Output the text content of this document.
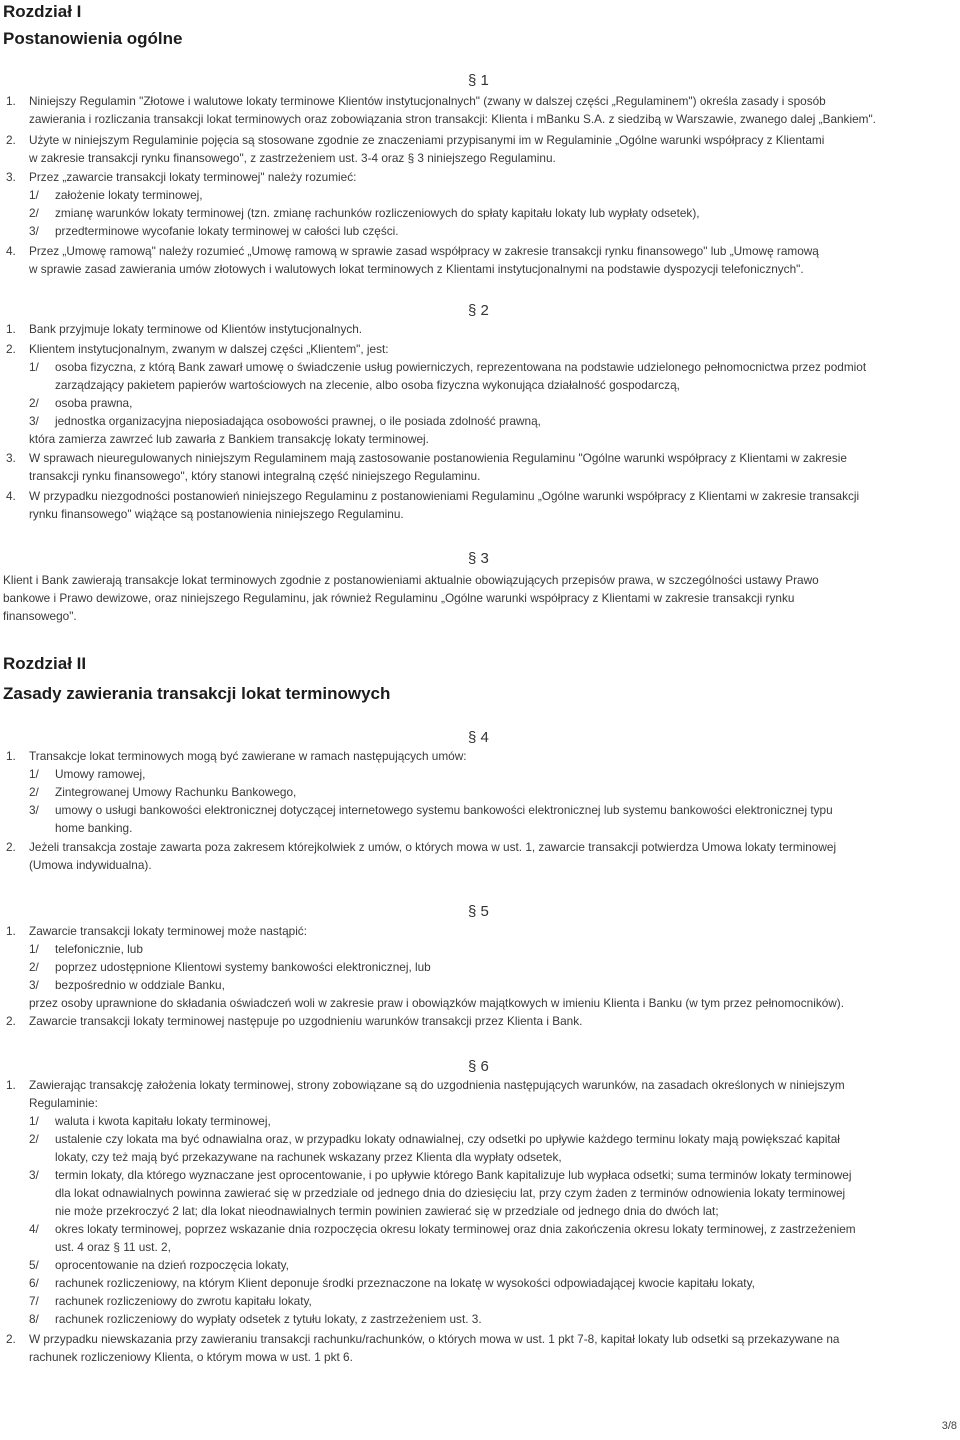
Rozdział I
Postanowienia ogólne
§ 1
§ 2
§ 3
Rozdział II
Zasady zawierania transakcji lokat terminowych
§ 4
§ 5
§ 6
1. Niniejszy Regulamin "Złotowe i walutowe lokaty terminowe Klientów instytucjonalnych" (zwany w dalszej części „Regulaminem") określa zasady i sposób
zawierania i rozliczania transakcji lokat terminowych oraz zobowiązania stron transakcji: Klienta i mBanku S.A. z siedzibą w Warszawie, zwanego dalej „Bankiem".
2. Użyte w niniejszym Regulaminie pojęcia są stosowane zgodnie ze znaczeniami przypisanymi im w Regulaminie „Ogólne warunki współpracy z Klientami
w zakresie transakcji rynku finansowego", z zastrzeżeniem ust. 3-4 oraz § 3 niniejszego Regulaminu.
3. Przez „zawarcie transakcji lokaty terminowej" należy rozumieć:
1/ założenie lokaty terminowej,
2/ zmianę warunków lokaty terminowej (tzn. zmianę rachunków rozliczeniowych do spłaty kapitału lokaty lub wypłaty odsetek),
3/ przedterminowe wycofanie lokaty terminowej w całości lub części.
4. Przez „Umowę ramową" należy rozumieć „Umowę ramową w sprawie zasad współpracy w zakresie transakcji rynku finansowego" lub „Umowę ramową
w sprawie zasad zawierania umów złotowych i walutowych lokat terminowych z Klientami instytucjonalnymi na podstawie dyspozycji telefonicznych".
1. Bank przyjmuje lokaty terminowe od Klientów instytucjonalnych.
2. Klientem instytucjonalnym, zwanym w dalszej części „Klientem", jest:
1/ osoba fizyczna, z którą Bank zawarł umowę o świadczenie usług powierniczych, reprezentowana na podstawie udzielonego pełnomocnictwa przez podmiot
zarządzający pakietem papierów wartościowych na zlecenie, albo osoba fizyczna wykonująca działalność gospodarczą,
2/ osoba prawna,
3/ jednostka organizacyjna nieposiadająca osobowości prawnej, o ile posiada zdolność prawną,
która zamierza zawrzeć lub zawarła z Bankiem transakcję lokaty terminowej.
3. W sprawach nieuregulowanych niniejszym Regulaminem mają zastosowanie postanowienia Regulaminu "Ogólne warunki współpracy z Klientami w zakresie
transakcji rynku finansowego", który stanowi integralną część niniejszego Regulaminu.
4. W przypadku niezgodności postanowień niniejszego Regulaminu z postanowieniami Regulaminu „Ogólne warunki współpracy z Klientami w zakresie transakcji
rynku finansowego" wiążące są postanowienia niniejszego Regulaminu.
Klient i Bank zawierają transakcje lokat terminowych zgodnie z postanowieniami aktualnie obowiązujących przepisów prawa, w szczególności ustawy Prawo
bankowe i Prawo dewizowe, oraz niniejszego Regulaminu, jak również Regulaminu „Ogólne warunki współpracy z Klientami w zakresie transakcji rynku
finansowego".
1. Transakcje lokat terminowych mogą być zawierane w ramach następujących umów:
1/ Umowy ramowej,
2/ Zintegrowanej Umowy Rachunku Bankowego,
3/ umowy o usługi bankowości elektronicznej dotyczącej internetowego systemu bankowości elektronicznej lub systemu bankowości elektronicznej typu
home banking.
2. Jeżeli transakcja zostaje zawarta poza zakresem którejkolwiek z umów, o których mowa w ust. 1, zawarcie transakcji potwierdza Umowa lokaty terminowej
(Umowa indywidualna).
1. Zawarcie transakcji lokaty terminowej może nastąpić:
1/ telefonicznie, lub
2/ poprzez udostępnione Klientowi systemy bankowości elektronicznej, lub
3/ bezpośrednio w oddziale Banku,
przez osoby uprawnione do składania oświadczeń woli w zakresie praw i obowiązków majątkowych w imieniu Klienta i Banku (w tym przez pełnomocników).
2. Zawarcie transakcji lokaty terminowej następuje po uzgodnieniu warunków transakcji przez Klienta i Bank.
1. Zawierając transakcję założenia lokaty terminowej, strony zobowiązane są do uzgodnienia następujących warunków, na zasadach określonych w niniejszym
Regulaminie:
1/ waluta i kwota kapitału lokaty terminowej,
2/ ustalenie czy lokata ma być odnawialna oraz, w przypadku lokaty odnawialnej, czy odsetki po upływie każdego terminu lokaty mają powiększać kapitał
lokaty, czy też mają być przekazywane na rachunek wskazany przez Klienta dla wypłaty odsetek,
3/ termin lokaty, dla którego wyznaczane jest oprocentowanie, i po upływie którego Bank kapitalizuje lub wypłaca odsetki; suma terminów lokaty terminowej
dla lokat odnawialnych powinna zawierać się w przedziale od jednego dnia do dziesięciu lat, przy czym żaden z terminów odnowienia lokaty terminowej
nie może przekroczyć 2 lat; dla lokat nieodnawialnych termin powinien zawierać się w przedziale od jednego dnia do dwóch lat;
4/ okres lokaty terminowej, poprzez wskazanie dnia rozpoczęcia okresu lokaty terminowej oraz dnia zakończenia okresu lokaty terminowej, z zastrzeżeniem
ust. 4 oraz § 11 ust. 2,
5/ oprocentowanie na dzień rozpoczęcia lokaty,
6/ rachunek rozliczeniowy, na którym Klient deponuje środki przeznaczone na lokatę w wysokości odpowiadającej kwocie kapitału lokaty,
7/ rachunek rozliczeniowy do zwrotu kapitału lokaty,
8/ rachunek rozliczeniowy do wypłaty odsetek z tytułu lokaty, z zastrzeżeniem ust. 3.
2. W przypadku niewskazania przy zawieraniu transakcji rachunku/rachunków, o których mowa w ust. 1 pkt 7-8, kapitał lokaty lub odsetki są przekazywane na
rachunek rozliczeniowy Klienta, o którym mowa w ust. 1 pkt 6.
3/8
